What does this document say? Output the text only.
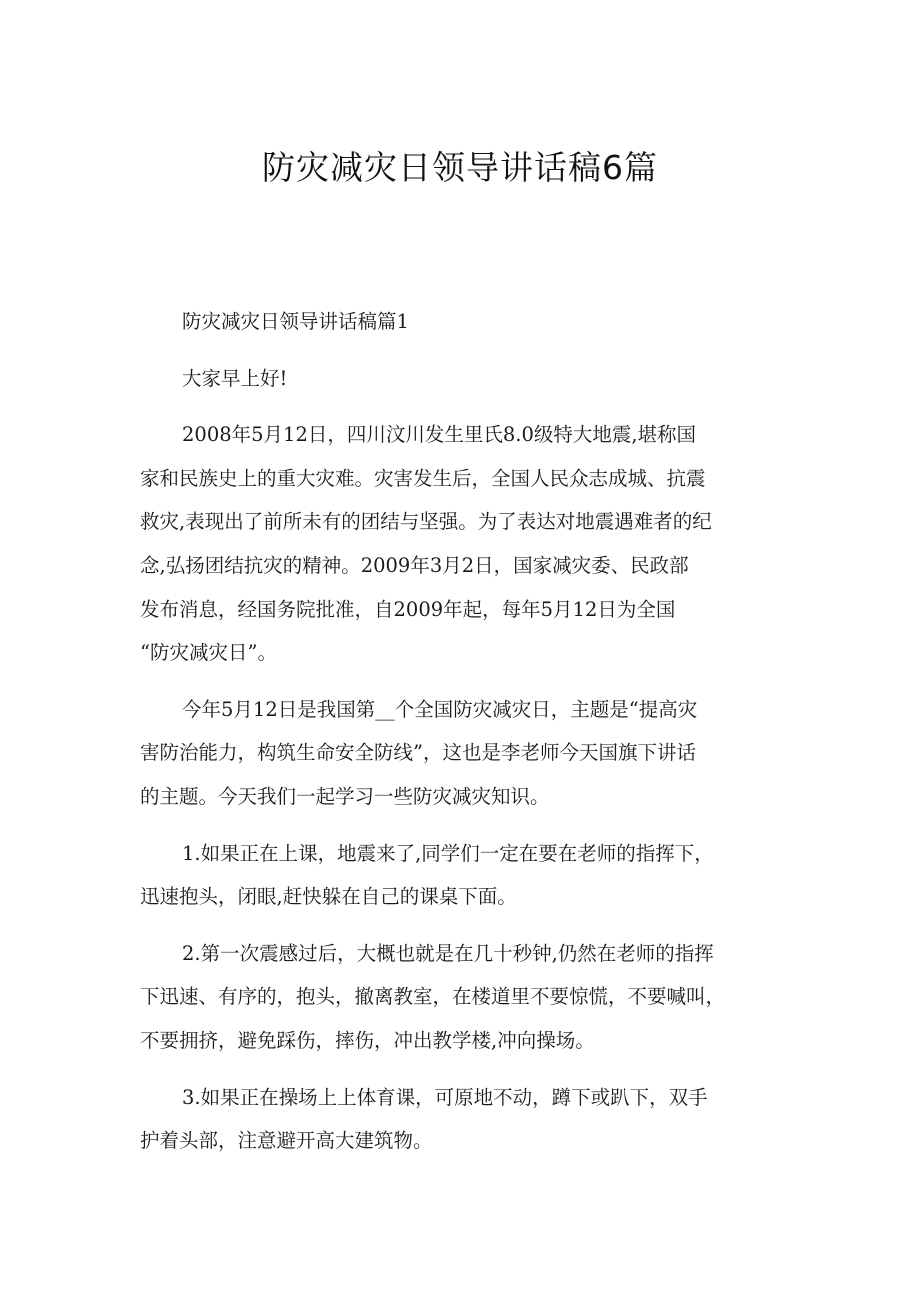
防灾减灾日领导讲话稿6篇

防灾减灾日领导讲话稿篇1

大家早上好!

2008年5月12日，四川汶川发生里氏8.0级特大地震,堪称国
家和民族史上的重大灾难。灾害发生后，全国人民众志成城、抗震
救灾,表现出了前所未有的团结与坚强。为了表达对地震遇难者的纪
念,弘扬团结抗灾的精神。2009年3月2日，国家减灾委、民政部
发布消息，经国务院批准，自2009年起，每年5月12日为全国
“防灾减灾日”。

今年5月12日是我国第__个全国防灾减灾日，主题是“提高灾
害防治能力，构筑生命安全防线”，这也是李老师今天国旗下讲话
的主题。今天我们一起学习一些防灾减灾知识。

1.如果正在上课，地震来了,同学们一定在要在老师的指挥下，
迅速抱头，闭眼,赶快躲在自己的课桌下面。

2.第一次震感过后，大概也就是在几十秒钟,仍然在老师的指挥
下迅速、有序的，抱头，撤离教室，在楼道里不要惊慌，不要喊叫，
不要拥挤，避免踩伤，摔伤，冲出教学楼,冲向操场。

3.如果正在操场上上体育课，可原地不动，蹲下或趴下，双手
护着头部，注意避开高大建筑物。
